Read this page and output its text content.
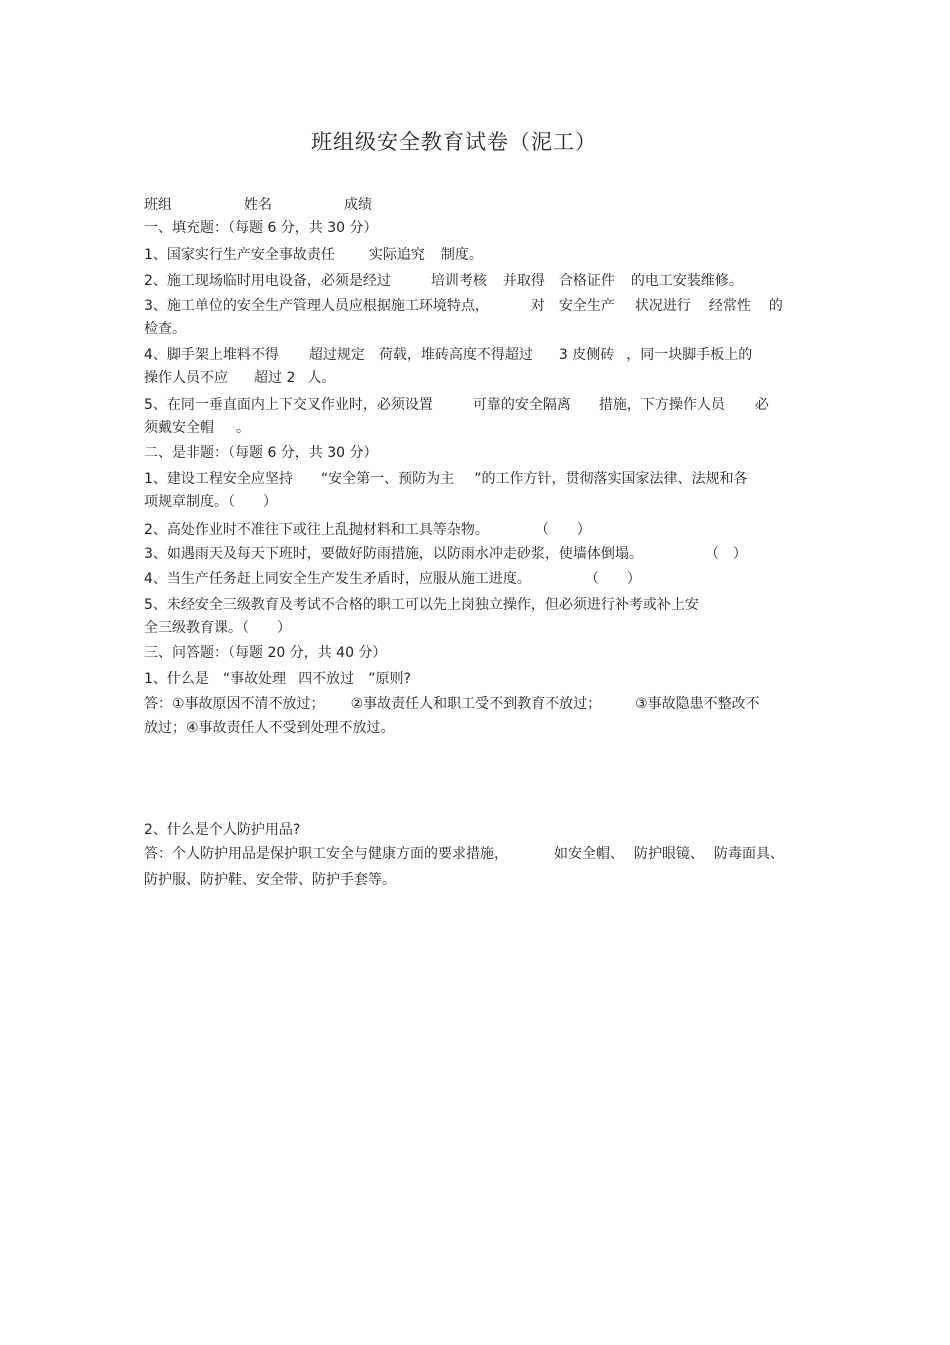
班组级安全教育试卷（泥工）
班组	姓名	成绩
一、填充题：（每题 6 分，共 30 分）
1、国家实行生产安全事故责任 实际追究 制度。
2、施工现场临时用电设备，必须是经过	培训考核 并取得 合格证件 的电工安装维修。
3、施工单位的安全生产管理人员应根据施工环境特点，	对 安全生产 状况进行 经常性 的
检查。
4、脚手架上堆料不得 超过规定 荷载，堆砖高度不得超过 3 皮侧砖 ，同一块脚手板上的
操作人员不应 超过 2 人。
5、在同一垂直面内上下交叉作业时，必须设置	可靠的安全隔离 措施，下方操作人员 必
须戴安全帽 。
二、是非题：（每题 6 分，共 30 分）
1、建设工程安全应坚持 “安全第一、预防为主 ”的工作方针，贯彻落实国家法律、法规和各
项规章制度。（　　）
2、高处作业时不准往下或往上乱抛材料和工具等杂物。	（　　）
3、如遇雨天及每天下班时，要做好防雨措施，以防雨水冲走砂浆，使墙体倒塌。	（　）
4、当生产任务赶上同安全生产发生矛盾时，应服从施工进度。	（　　）
5、未经安全三级教育及考试不合格的职工可以先上岗独立操作，但必须进行补考或补上安
全三级教育课。（　　）
三、问答题：（每题 20 分，共 40 分）
1、什么是 “事故处理 四不放过 ”原则?
答：①事故原因不清不放过； ②事故责任人和职工受不到教育不放过； ③事故隐患不整改不
放过；④事故责任人不受到处理不放过。
2、什么是个人防护用品?
答：个人防护用品是保护职工安全与健康方面的要求措施，	如安全帽、 防护眼镜、 防毒面具、
防护服、防护鞋、安全带、防护手套等。
